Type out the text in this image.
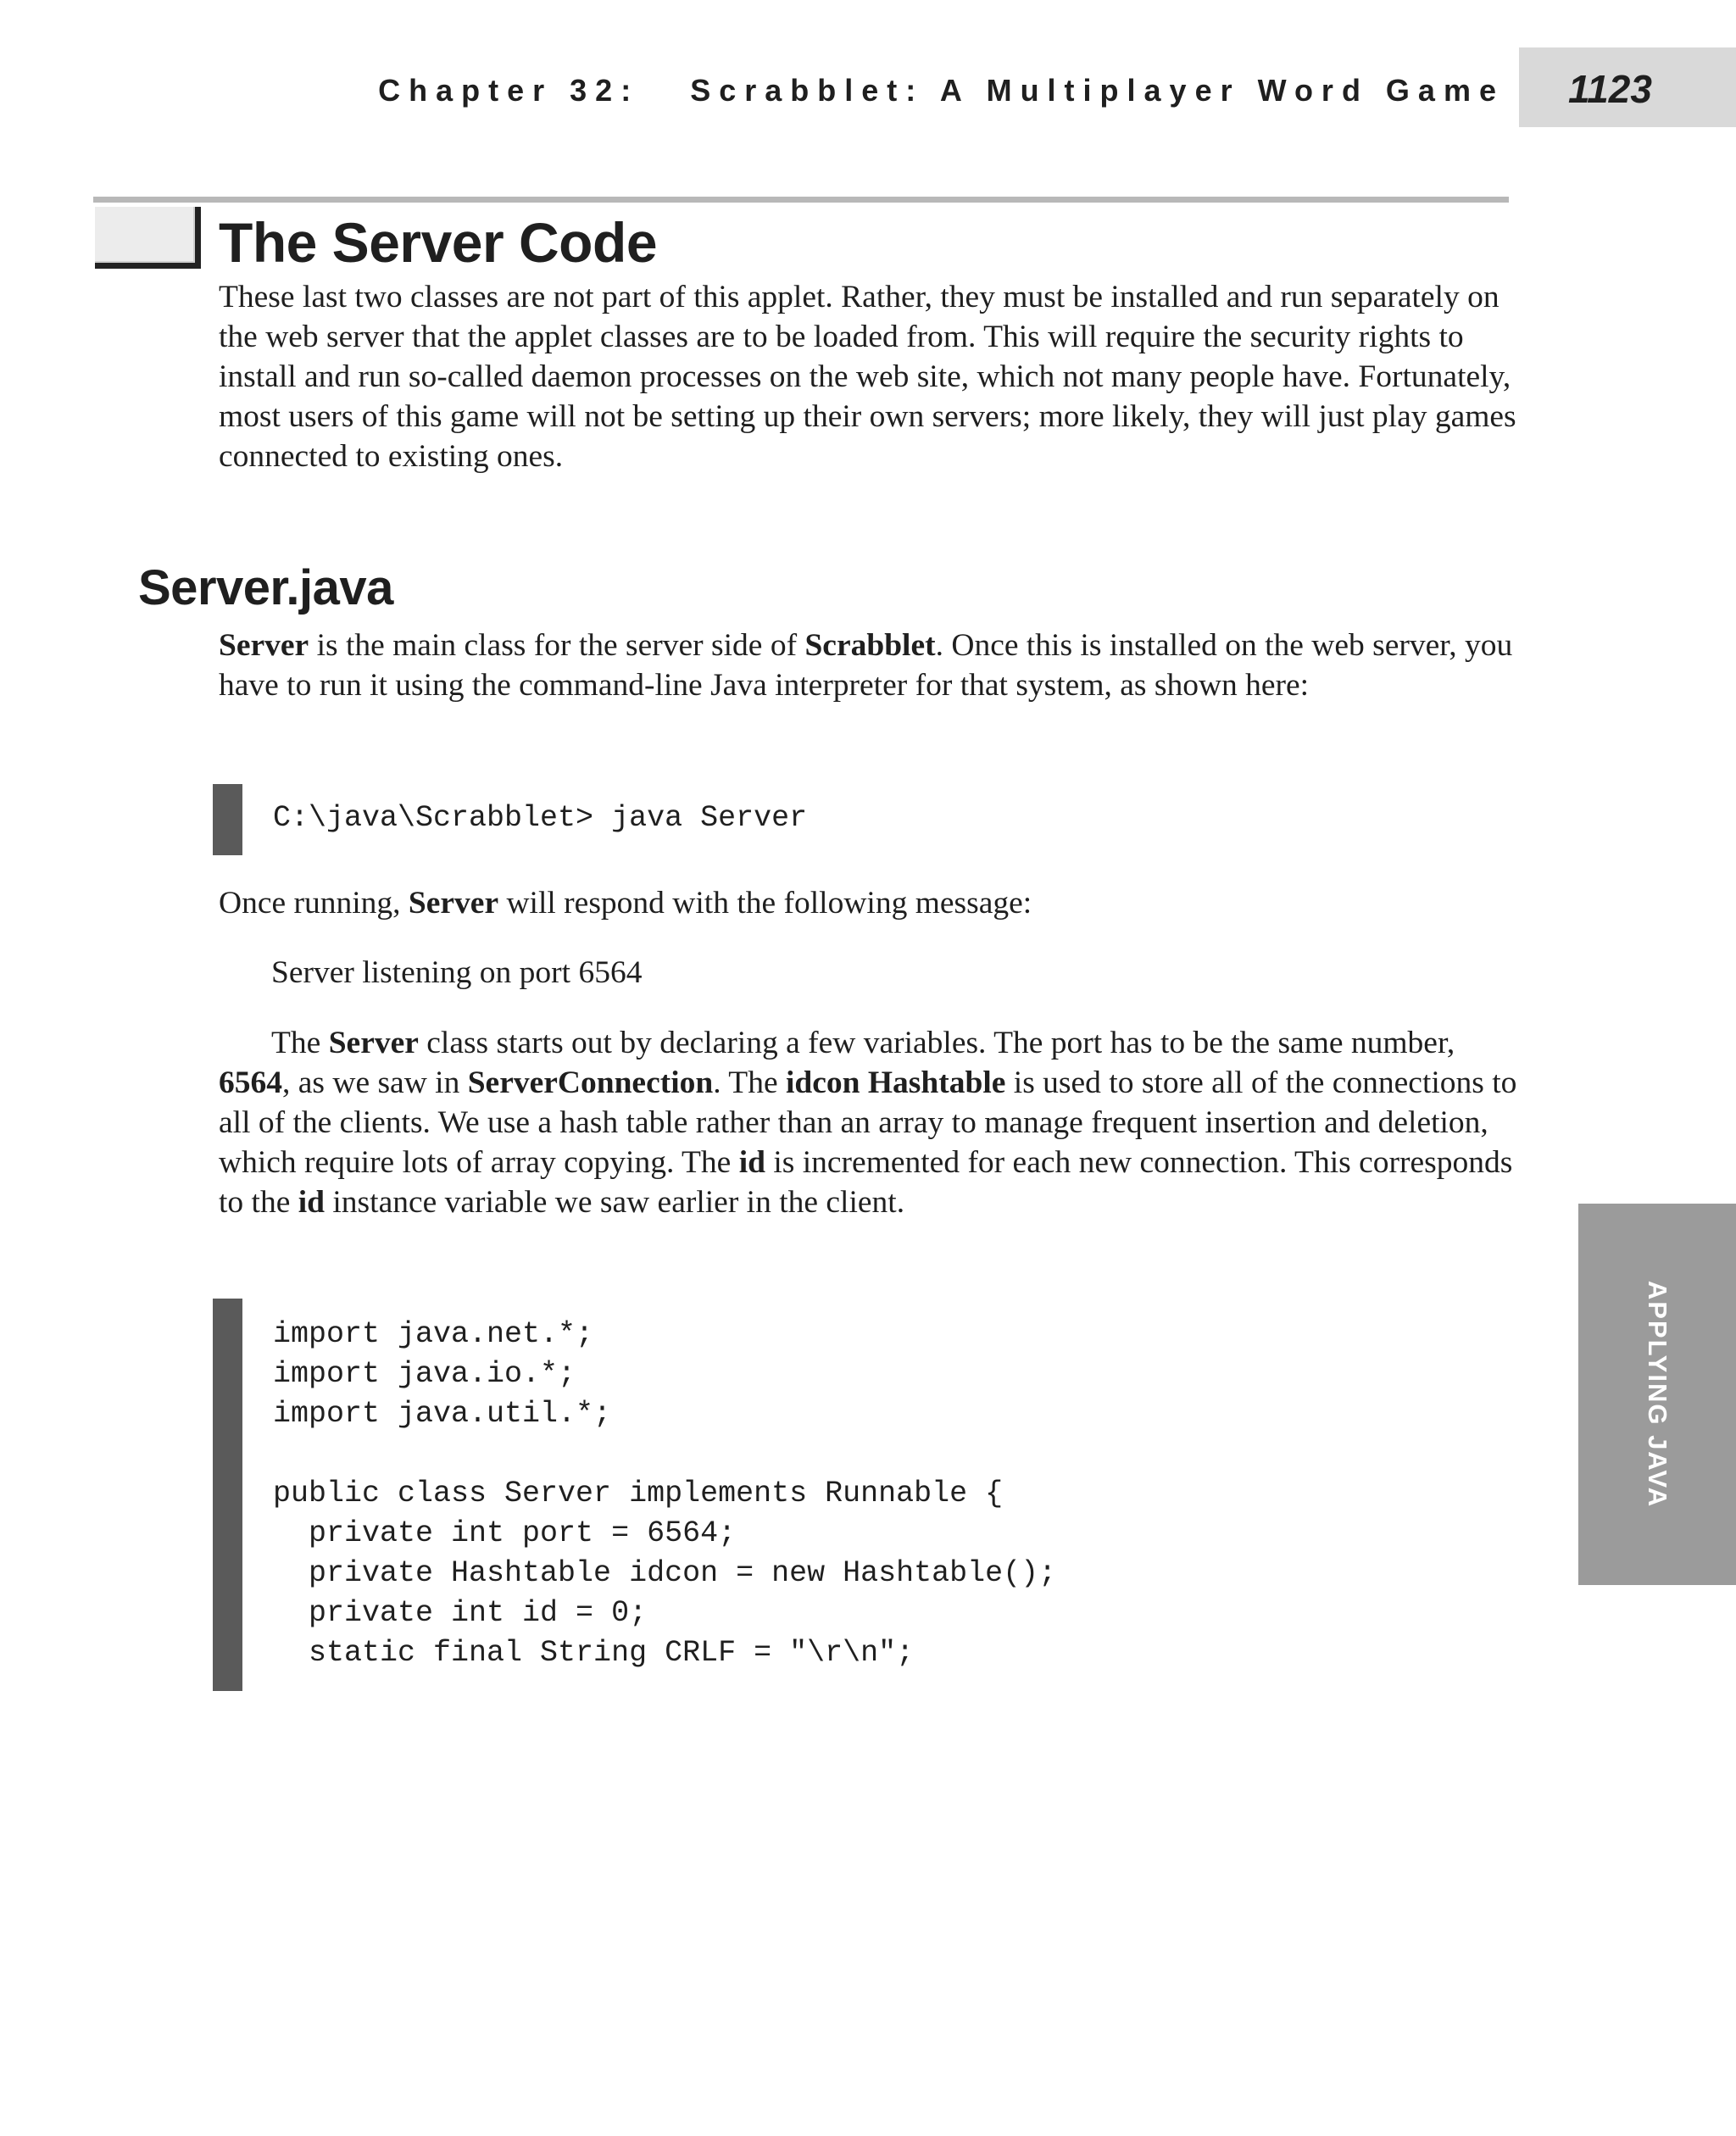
Chapter 32:   Scrabblet: A Multiplayer Word Game 1123
The Server Code

These last two classes are not part of this applet. Rather, they must be installed and run separately on the web server that the applet classes are to be loaded from. This will require the security rights to install and run so-called daemon processes on the web site, which not many people have. Fortunately, most users of this game will not be setting up their own servers; more likely, they will just play games connected to existing ones.

Server.java

Server is the main class for the server side of Scrabblet. Once this is installed on the web server, you have to run it using the command-line Java interpreter for that system, as shown here:

C:\java\Scrabblet> java Server

Once running, Server will respond with the following message:

Server listening on port 6564

The Server class starts out by declaring a few variables. The port has to be the same number, 6564, as we saw in ServerConnection. The idcon Hashtable is used to store all of the connections to all of the clients. We use a hash table rather than an array to manage frequent insertion and deletion, which require lots of array copying. The id is incremented for each new connection. This corresponds to the id instance variable we saw earlier in the client.

import java.net.*;
import java.io.*;
import java.util.*;

public class Server implements Runnable {
private int port = 6564;
private Hashtable idcon = new Hashtable();
private int id = 0;
static final String CRLF = "\r\n";
APPLYING JAVA
